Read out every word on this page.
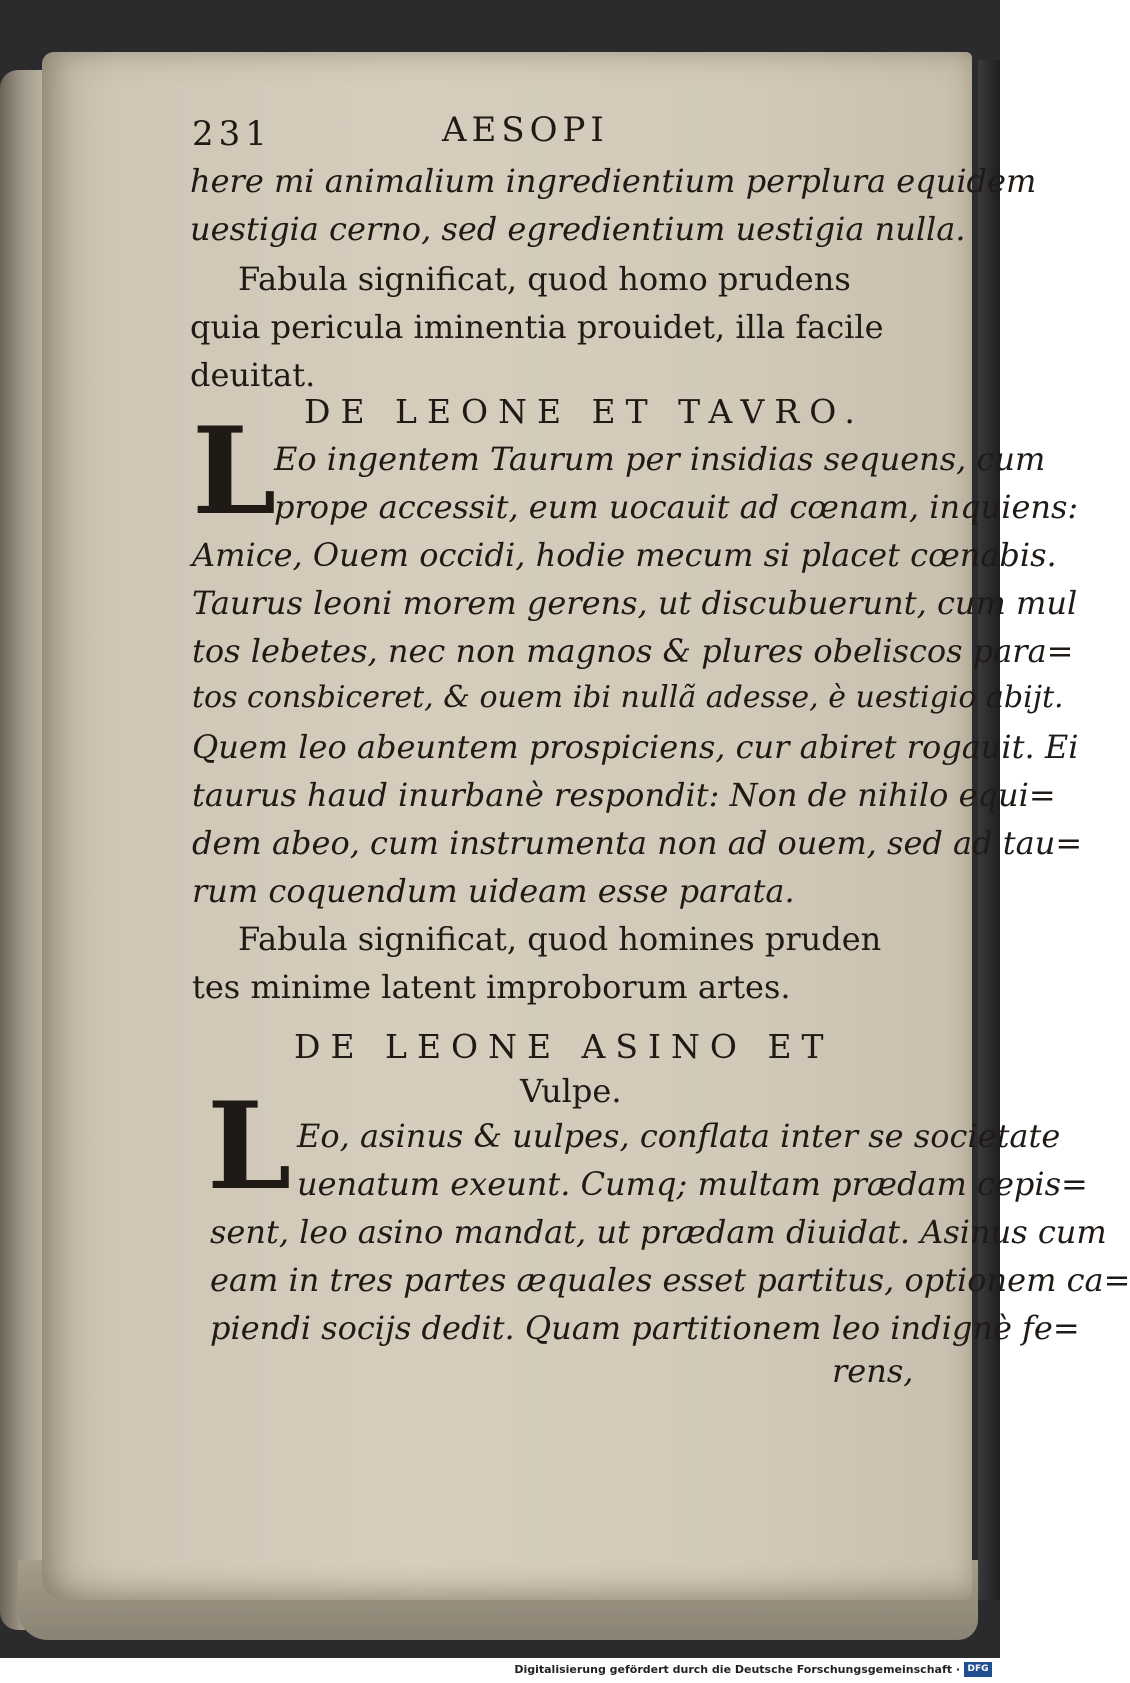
231	AESOPI
here mi animalium ingredientium perplura equidem
uestigia cerno, sed egredientium uestigia nulla.
Fabula significat, quod homo prudens
quia pericula iminentia prouidet, illa facile
deuitat.
DE LEONE ET TAVRO.
L
Eo ingentem Taurum per insidias sequens, cum
prope accessit, eum uocauit ad cœnam, inquiens:
Amice, Ouem occidi, hodie mecum si placet cœnabis.
Taurus leoni morem gerens, ut discubuerunt, cum mul
tos lebetes, nec non magnos & plures obeliscos para=
tos consbiceret, & ouem ibi nullã adesse, è uestigio abijt.
Quem leo abeuntem prospiciens, cur abiret rogauit. Ei
taurus haud inurbanè respondit: Non de nihilo equi=
dem abeo, cum instrumenta non ad ouem, sed ad tau=
rum coquendum uideam esse parata.
Fabula significat, quod homines pruden
tes minime latent improborum artes.
DE LEONE ASINO ET
Vulpe.
L Eo, asinus & uulpes, conflata inter se societate
uenatum exeunt. Cumq; multam prædam cepis=
sent, leo asino mandat, ut prædam diuidat. Asinus cum
eam in tres partes æquales esset partitus, optionem ca=
piendi socijs dedit. Quam partitionem leo indignè fe=
rens,
Digitalisierung gefördert durch die Deutsche Forschungsgemeinschaft · DFG
